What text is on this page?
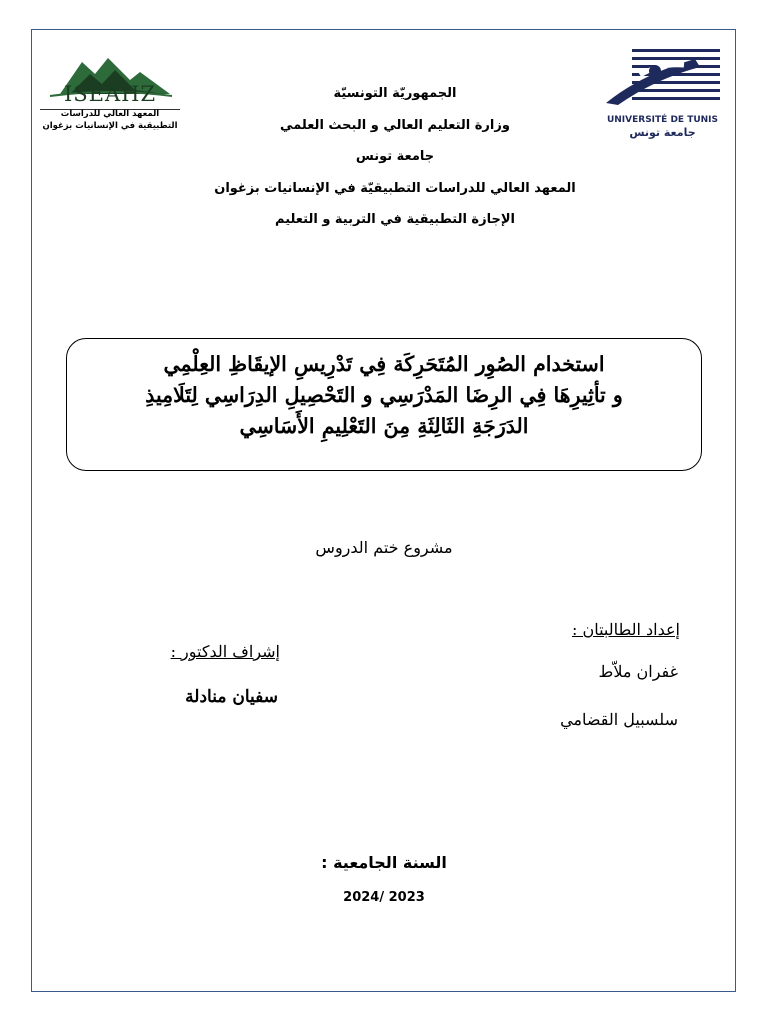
ISEAHZ
المعهد العالي للدراسات
التطبيقية في الإنسانيات بزغوان
UNIVERSITÉ DE TUNIS
جامعة تونس
الجمهوريّة التونسيّة
وزارة التعليم العالي و البحث العلمي
جامعة تونس
المعهد العالي للدراسات التطبيقيّة في الإنسانيات بزغوان
الإجازة التطبيقية في التربية و التعليم
استخدام الصُوِر المُتَحَرِكَة فِي تَدْرِيسِ الإيقَاظِ العِلْمِي
و تأثِيرِهَا فِي الرِضَا المَدْرَسِي و التَحْصِيلِ الدِرَاسِي لِتَلَامِيذِ
الدَرَجَةِ الثَالِثَةِ مِنَ التَعْلِيمِ الأَسَاسِي
مشروع ختم الدروس
إعداد الطالبتان :
غفران ملاّط
سلسبيل القضامي
إشراف الدكتور :
سفيان منادلة
السنة الجامعية :
2024/ 2023
